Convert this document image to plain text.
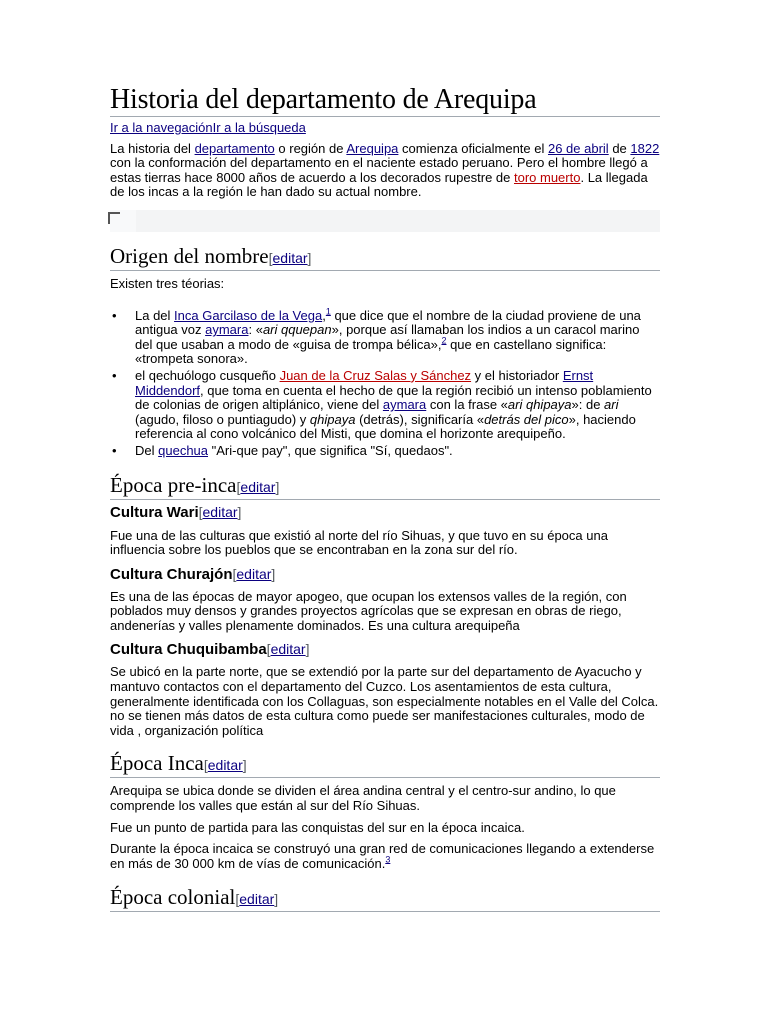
Historia del departamento de Arequipa
Ir a la navegaciónIr a la búsqueda

La historia del departamento o región de Arequipa comienza oficialmente el 26 de abril de 1822 con la conformación del departamento en el naciente estado peruano. Pero el hombre llegó a estas tierras hace 8000 años de acuerdo a los decorados rupestre de toro muerto. La llegada de los incas a la región le han dado su actual nombre.

Origen del nombre[editar]

Existen tres téorias:

• La del Inca Garcilaso de la Vega,$^1$ que dice que el nombre de la ciudad proviene de una antigua voz aymara: «ari qquepan», porque así llamaban los indios a un caracol marino del que usaban a modo de «guisa de trompa bélica»,$^2$ que en castellano significa: «trompeta sonora».
• el qechuólogo cusqueño Juan de la Cruz Salas y Sánchez y el historiador Ernst Middendorf, que toma en cuenta el hecho de que la región recibió un intenso poblamiento de colonias de origen altiplánico, viene del aymara con la frase «ari qhipaya»: de ari (agudo, filoso o puntiagudo) y qhipaya (detrás), significaría «detrás del pico», haciendo referencia al cono volcánico del Misti, que domina el horizonte arequipeño.
• Del quechua "Ari-que pay", que significa "Sí, quedaos".
Época pre-inca[editar]
Cultura Wari[editar]

Fue una de las culturas que existió al norte del río Sihuas, y que tuvo en su época una influencia sobre los pueblos que se encontraban en la zona sur del río.

Cultura Churajón[editar]

Es una de las épocas de mayor apogeo, que ocupan los extensos valles de la región, con poblados muy densos y grandes proyectos agrícolas que se expresan en obras de riego, andenerías y valles plenamente dominados. Es una cultura arequipeña

Cultura Chuquibamba[editar]

Se ubicó en la parte norte, que se extendió por la parte sur del departamento de Ayacucho y mantuvo contactos con el departamento del Cuzco. Los asentamientos de esta cultura, generalmente identificada con los Collaguas, son especialmente notables en el Valle del Colca. no se tienen más datos de esta cultura como puede ser manifestaciones culturales, modo de vida , organización política

Época Inca[editar]

Arequipa se ubica donde se dividen el área andina central y el centro-sur andino, lo que comprende los valles que están al sur del Río Sihuas.

Fue un punto de partida para las conquistas del sur en la época incaica.

Durante la época incaica se construyó una gran red de comunicaciones llegando a extenderse en más de 30 000 km de vías de comunicación.$^3$

Época colonial[editar]
